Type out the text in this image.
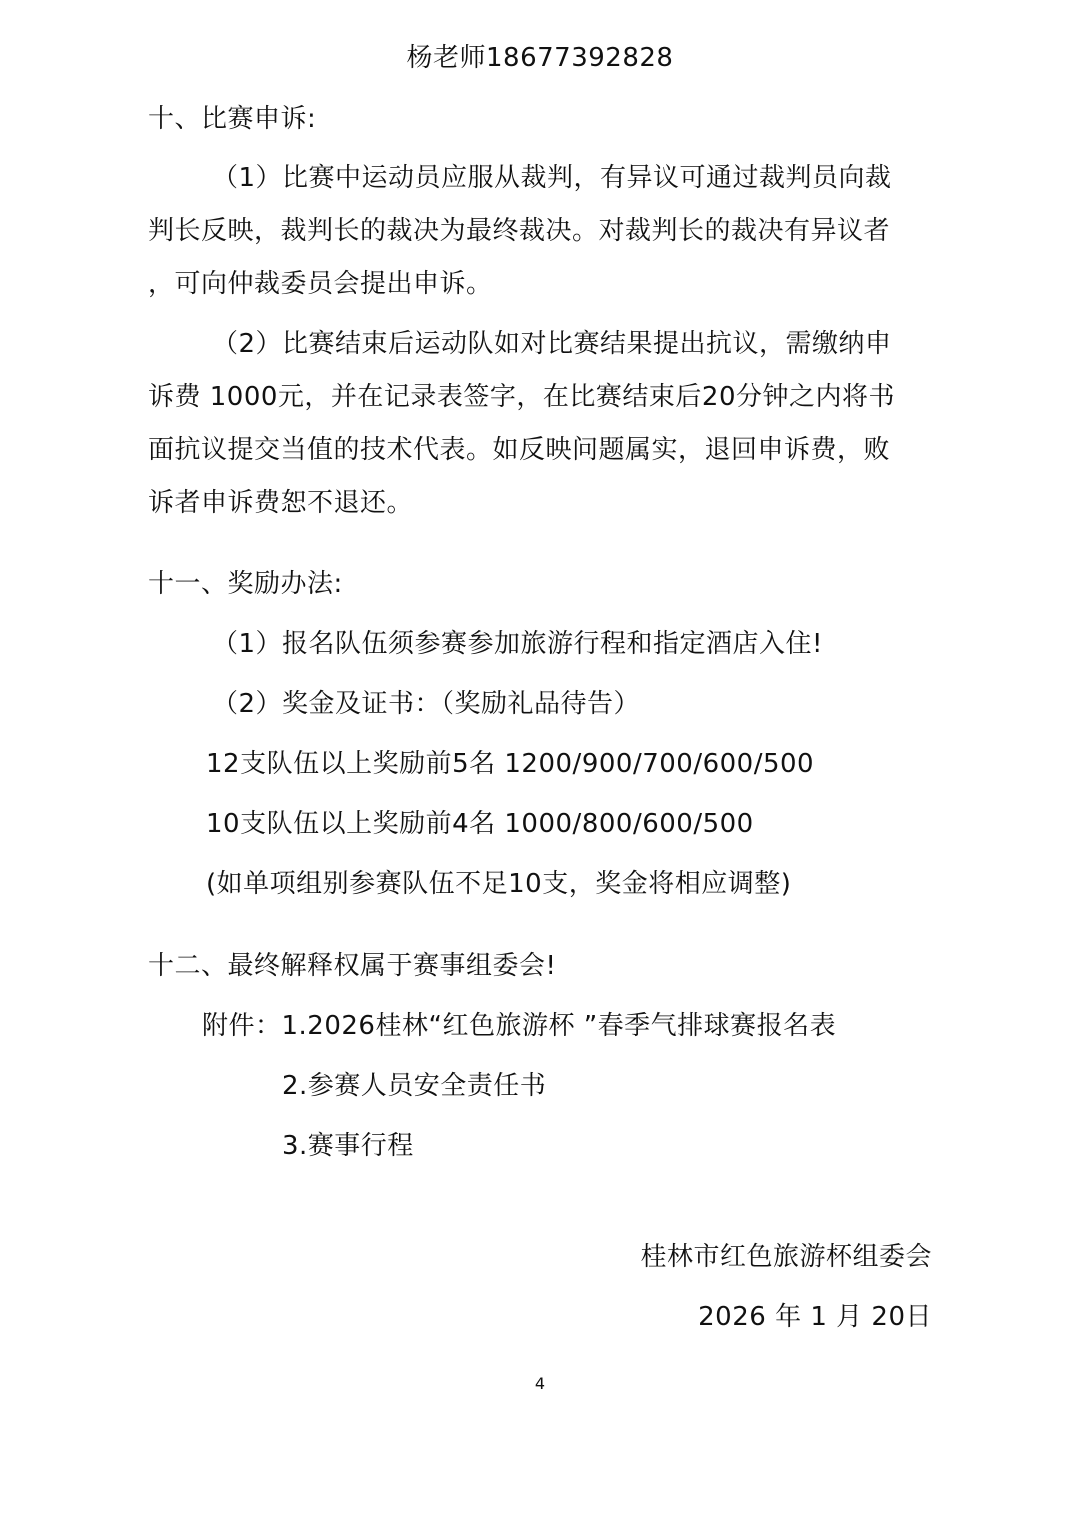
杨老师18677392828
十、比赛申诉:
（1）比赛中运动员应服从裁判，有异议可通过裁判员向裁
判长反映，裁判长的裁决为最终裁决。对裁判长的裁决有异议者
，可向仲裁委员会提出申诉。
（2）比赛结束后运动队如对比赛结果提出抗议，需缴纳申
诉费 1000元，并在记录表签字，在比赛结束后20分钟之内将书
面抗议提交当值的技术代表。如反映问题属实，退回申诉费，败
诉者申诉费恕不退还。
十一、奖励办法:
（1）报名队伍须参赛参加旅游行程和指定酒店入住!
（2）奖金及证书：（奖励礼品待告）
12支队伍以上奖励前5名 1200/900/700/600/500
10支队伍以上奖励前4名 1000/800/600/500
(如单项组别参赛队伍不足10支，奖金将相应调整)
十二、最终解释权属于赛事组委会!
附件：1.2026桂林“红色旅游杯 ”春季气排球赛报名表
2.参赛人员安全责任书
3.赛事行程
桂林市红色旅游杯组委会
2026 年 1 月 20日
4
